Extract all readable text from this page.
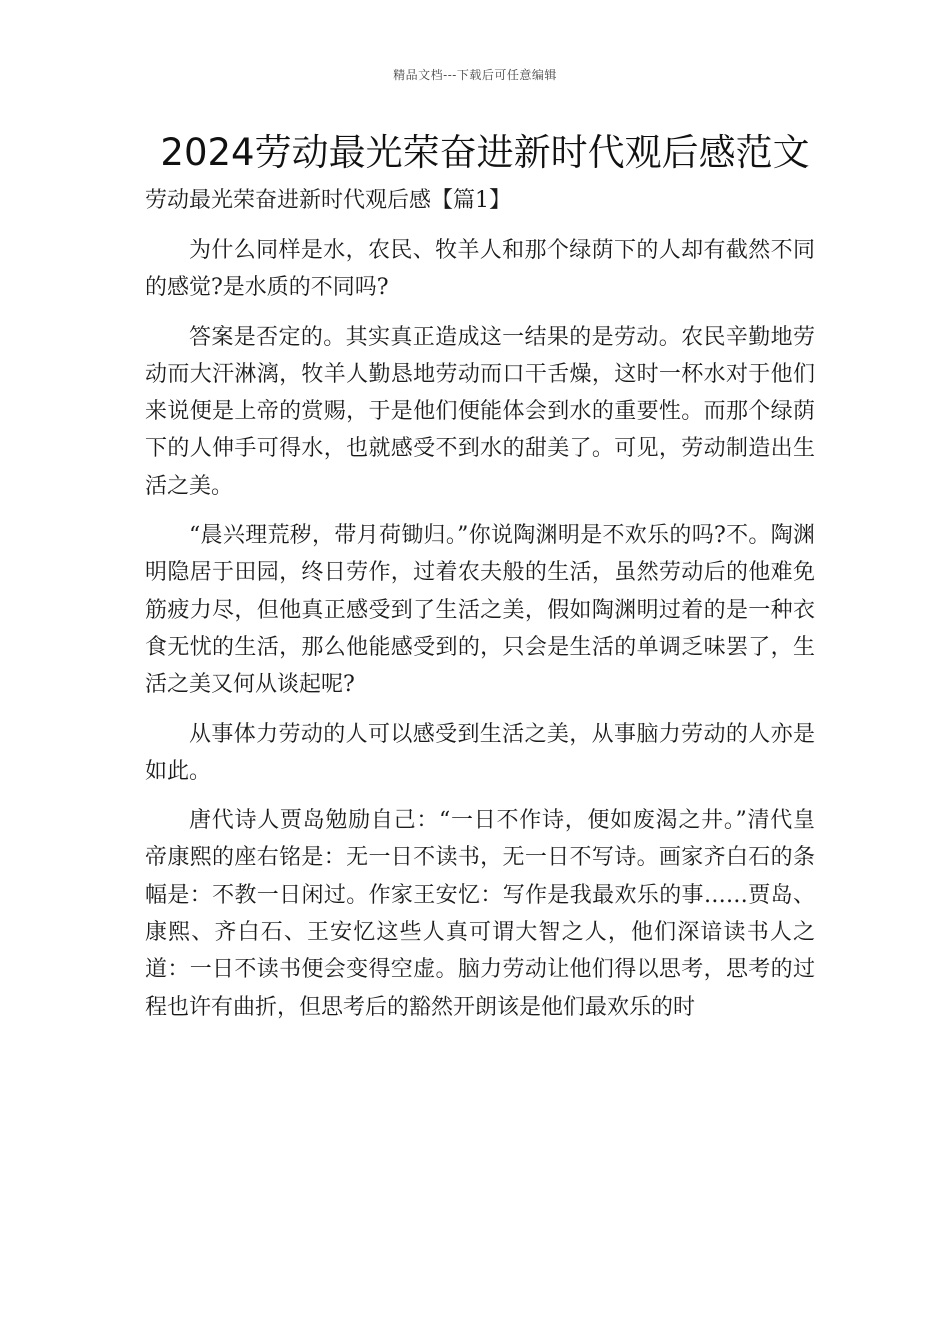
精品文档---下载后可任意编辑
2024劳动最光荣奋进新时代观后感范文
劳动最光荣奋进新时代观后感【篇1】

为什么同样是水，农民、牧羊人和那个绿荫下的人却有截然不同的感觉?是水质的不同吗?

答案是否定的。其实真正造成这一结果的是劳动。农民辛勤地劳动而大汗淋漓，牧羊人勤恳地劳动而口干舌燥，这时一杯水对于他们来说便是上帝的赏赐，于是他们便能体会到水的重要性。而那个绿荫下的人伸手可得水，也就感受不到水的甜美了。可见，劳动制造出生活之美。

“晨兴理荒秽，带月荷锄归。”你说陶渊明是不欢乐的吗?不。陶渊明隐居于田园，终日劳作，过着农夫般的生活，虽然劳动后的他难免筋疲力尽，但他真正感受到了生活之美，假如陶渊明过着的是一种衣食无忧的生活，那么他能感受到的，只会是生活的单调乏味罢了，生活之美又何从谈起呢?

从事体力劳动的人可以感受到生活之美，从事脑力劳动的人亦是如此。

唐代诗人贾岛勉励自己：“一日不作诗，便如废渴之井。”清代皇帝康熙的座右铭是：无一日不读书，无一日不写诗。画家齐白石的条幅是：不教一日闲过。作家王安忆：写作是我最欢乐的事……贾岛、康熙、齐白石、王安忆这些人真可谓大智之人，他们深谙读书人之道：一日不读书便会变得空虚。脑力劳动让他们得以思考，思考的过程也许有曲折，但思考后的豁然开朗该是他们最欢乐的时
